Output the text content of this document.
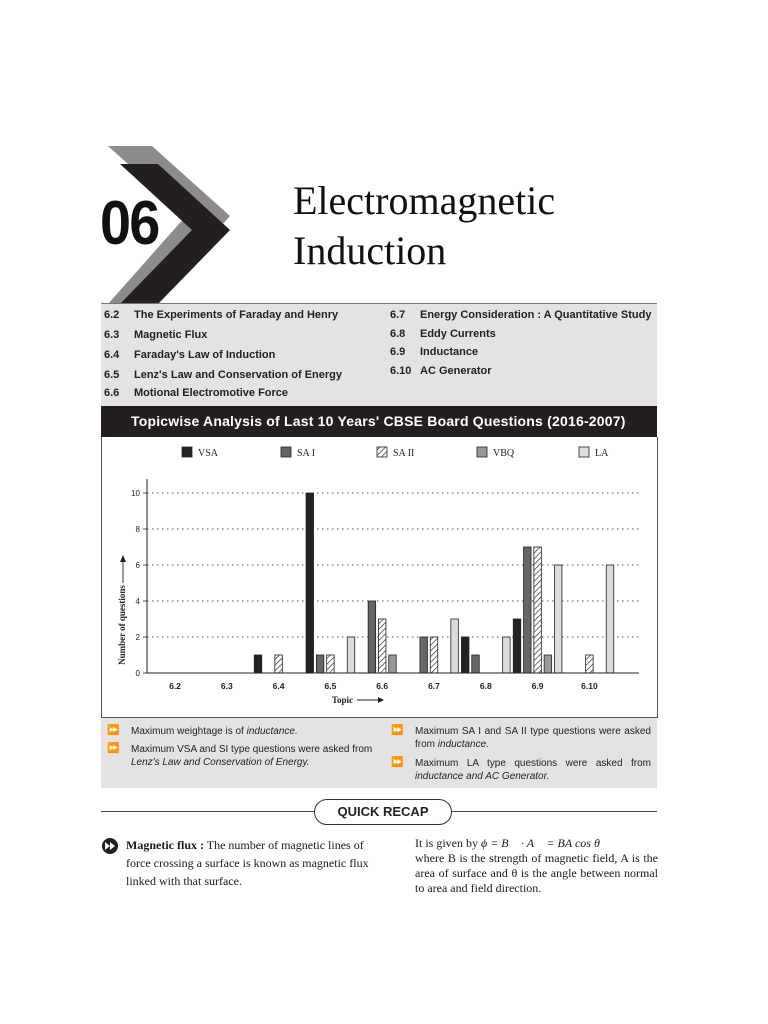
06	Electromagnetic
Induction
6.2 The Experiments of Faraday and Henry
6.3 Magnetic Flux
6.4 Faraday's Law of Induction
6.5 Lenz's Law and Conservation of Energy
6.6 Motional Electromotive Force
6.7 Energy Consideration : A Quantitative Study
6.8 Eddy Currents
6.9 Inductance
6.10 AC Generator
Topicwise Analysis of Last 10 Years' CBSE Board Questions (2016-2007)
VSA	SA I	SA II	VBQ	LA
0
2
4
6
8
10
6.2	6.3	6.4	6.5	6.6	6.7	6.8	6.9	6.10
Topic
Number of questions
⏩ Maximum weightage is of inductance.
⏩ Maximum VSA and SI type questions were asked from Lenz's Law and Conservation of Energy.
⏩ Maximum SA I and SA II type questions were asked from inductance.
⏩ Maximum LA type questions were asked from inductance and AC Generator.
QUICK RECAP
Magnetic flux : The number of magnetic lines of force crossing a surface is known as magnetic flux linked with that surface.
It is given by ϕ = B⃗ · A⃗ = BA cos θ
where B is the strength of magnetic field, A is the area of surface and θ is the angle between normal to area and field direction.
